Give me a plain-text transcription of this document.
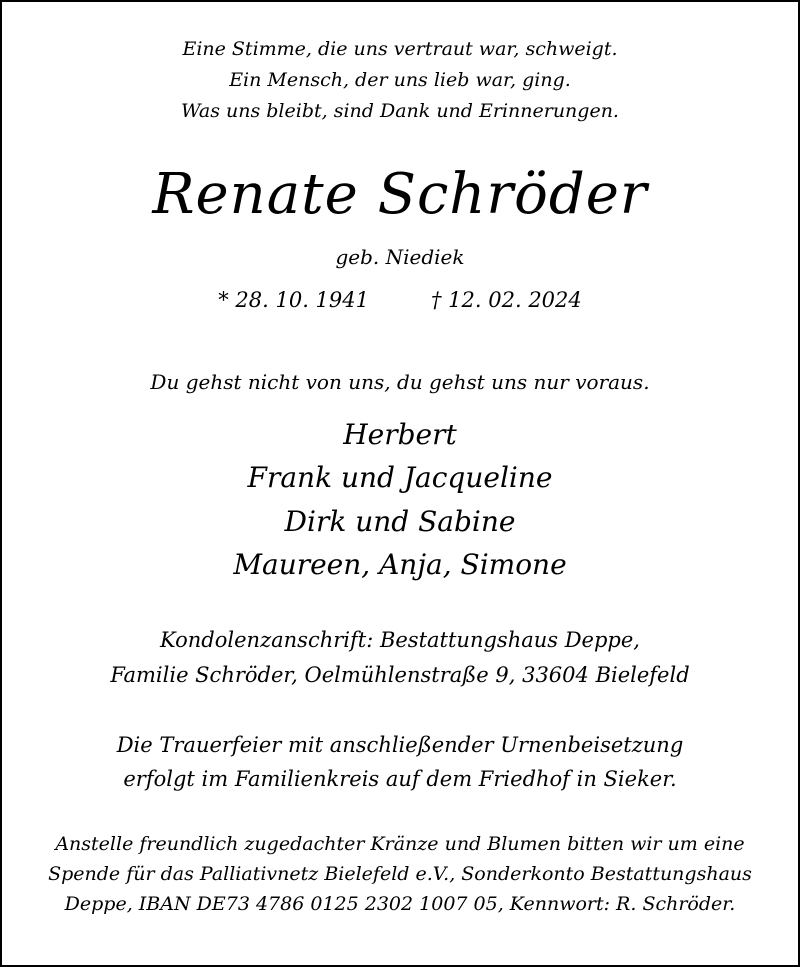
Eine Stimme, die uns vertraut war, schweigt.
Ein Mensch, der uns lieb war, ging.
Was uns bleibt, sind Dank und Erinnerungen.
Renate Schröder
geb. Niediek
* 28. 10. 1941	† 12. 02. 2024
Du gehst nicht von uns, du gehst uns nur voraus.
Herbert
Frank und Jacqueline
Dirk und Sabine
Maureen, Anja, Simone
Kondolenzanschrift: Bestattungshaus Deppe,
Familie Schröder, Oelmühlenstraße 9, 33604 Bielefeld
Die Trauerfeier mit anschließender Urnenbeisetzung
erfolgt im Familienkreis auf dem Friedhof in Sieker.
Anstelle freundlich zugedachter Kränze und Blumen bitten wir um eine
Spende für das Palliativnetz Bielefeld e.V., Sonderkonto Bestattungshaus
Deppe, IBAN DE73 4786 0125 2302 1007 05, Kennwort: R. Schröder.
